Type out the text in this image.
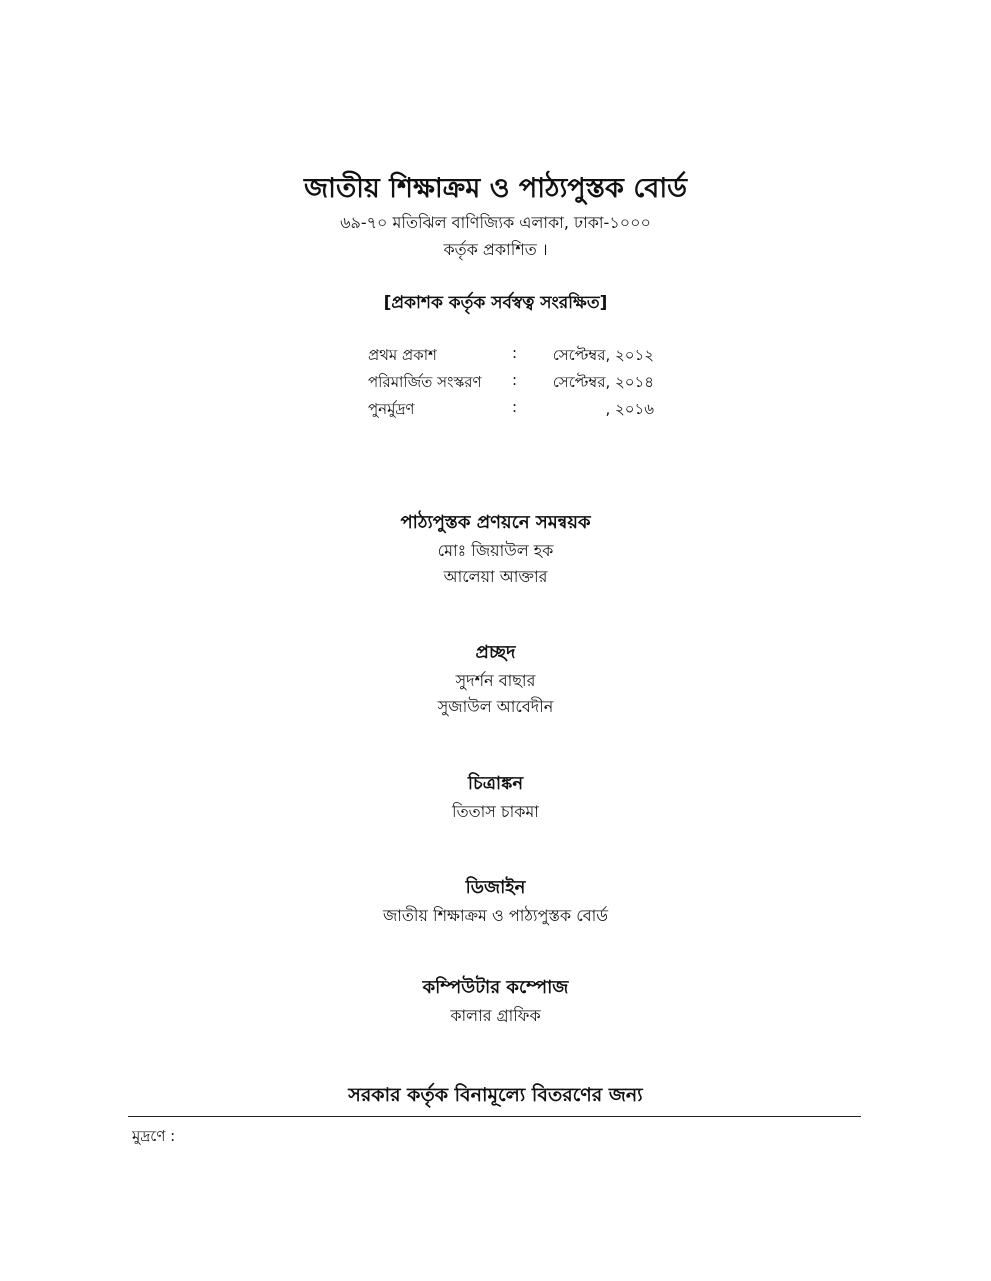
জাতীয় শিক্ষাক্রম ও পাঠ্যপুস্তক বোর্ড
৬৯-৭০ মতিঝিল বাণিজ্যিক এলাকা, ঢাকা-১০০০
কর্তৃক প্রকাশিত ।
[প্রকাশক কর্তৃক সর্বস্বত্ব সংরক্ষিত]
প্রথম প্রকাশ	:	সেপ্টেম্বর, ২০১২
পরিমার্জিত সংস্করণ :	সেপ্টেম্বর, ২০১৪
পুনর্মুদ্রণ	:	, ২০১৬
পাঠ্যপুস্তক প্রণয়নে সমন্বয়ক
মোঃ জিয়াউল হক
আলেয়া আক্তার
প্রচ্ছদ
সুদর্শন বাছার
সুজাউল আবেদীন
চিত্রাঙ্কন
তিতাস চাকমা
ডিজাইন
জাতীয় শিক্ষাক্রম ও পাঠ্যপুস্তক বোর্ড
কম্পিউটার কম্পোজ
কালার গ্রাফিক
সরকার কর্তৃক বিনামূল্যে বিতরণের জন্য
মুদ্রণে :
